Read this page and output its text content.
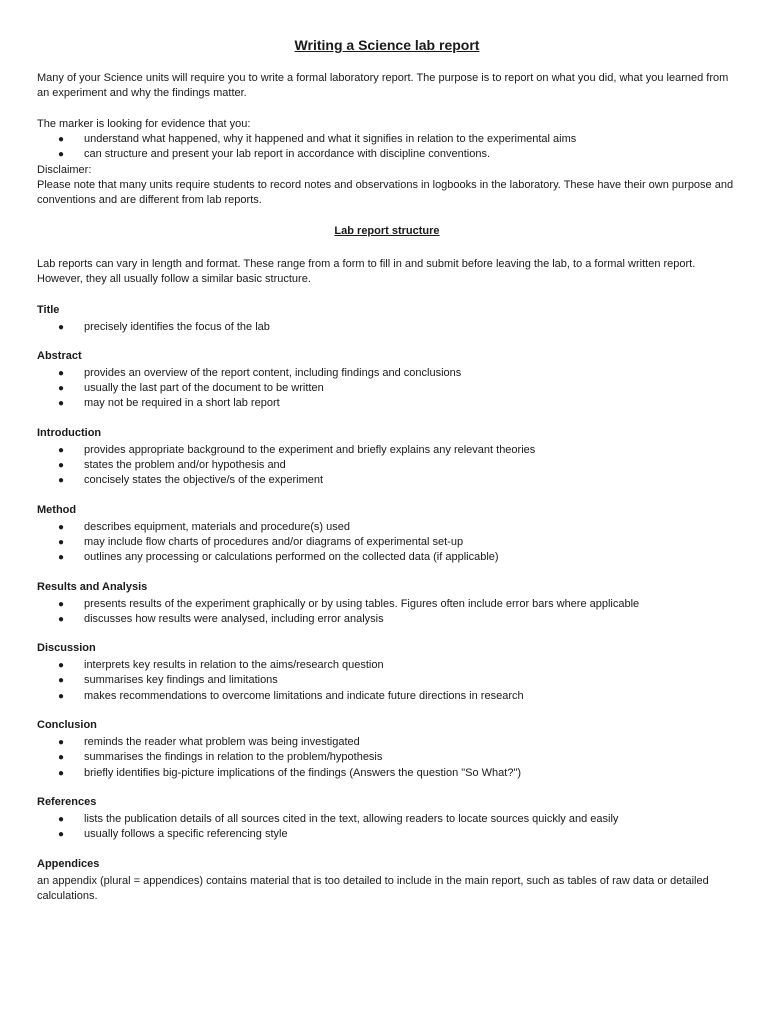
Writing a Science lab report

Many of your Science units will require you to write a formal laboratory report. The purpose is to report on what you did, what you learned from an experiment and why the findings matter.

The marker is looking for evidence that you:

● understand what happened, why it happened and what it signifies in relation to the experimental aims
● can structure and present your lab report in accordance with discipline conventions.

Disclaimer:

Please note that many units require students to record notes and observations in logbooks in the laboratory. These have their own purpose and conventions and are different from lab reports.

Lab report structure

Lab reports can vary in length and format. These range from a form to fill in and submit before leaving the lab, to a formal written report. However, they all usually follow a similar basic structure.

Title

● precisely identifies the focus of the lab

Abstract

● provides an overview of the report content, including findings and conclusions
● usually the last part of the document to be written
● may not be required in a short lab report

Introduction

● provides appropriate background to the experiment and briefly explains any relevant theories
● states the problem and/or hypothesis and
● concisely states the objective/s of the experiment

Method

● describes equipment, materials and procedure(s) used
● may include flow charts of procedures and/or diagrams of experimental set-up
● outlines any processing or calculations performed on the collected data (if applicable)

Results and Analysis

● presents results of the experiment graphically or by using tables. Figures often include error bars where applicable
● discusses how results were analysed, including error analysis

Discussion

● interprets key results in relation to the aims/research question
● summarises key findings and limitations
● makes recommendations to overcome limitations and indicate future directions in research

Conclusion

● reminds the reader what problem was being investigated
● summarises the findings in relation to the problem/hypothesis
● briefly identifies big-picture implications of the findings (Answers the question "So What?")

References

● lists the publication details of all sources cited in the text, allowing readers to locate sources quickly and easily
● usually follows a specific referencing style

Appendices

an appendix (plural = appendices) contains material that is too detailed to include in the main report, such as tables of raw data or detailed calculations.
